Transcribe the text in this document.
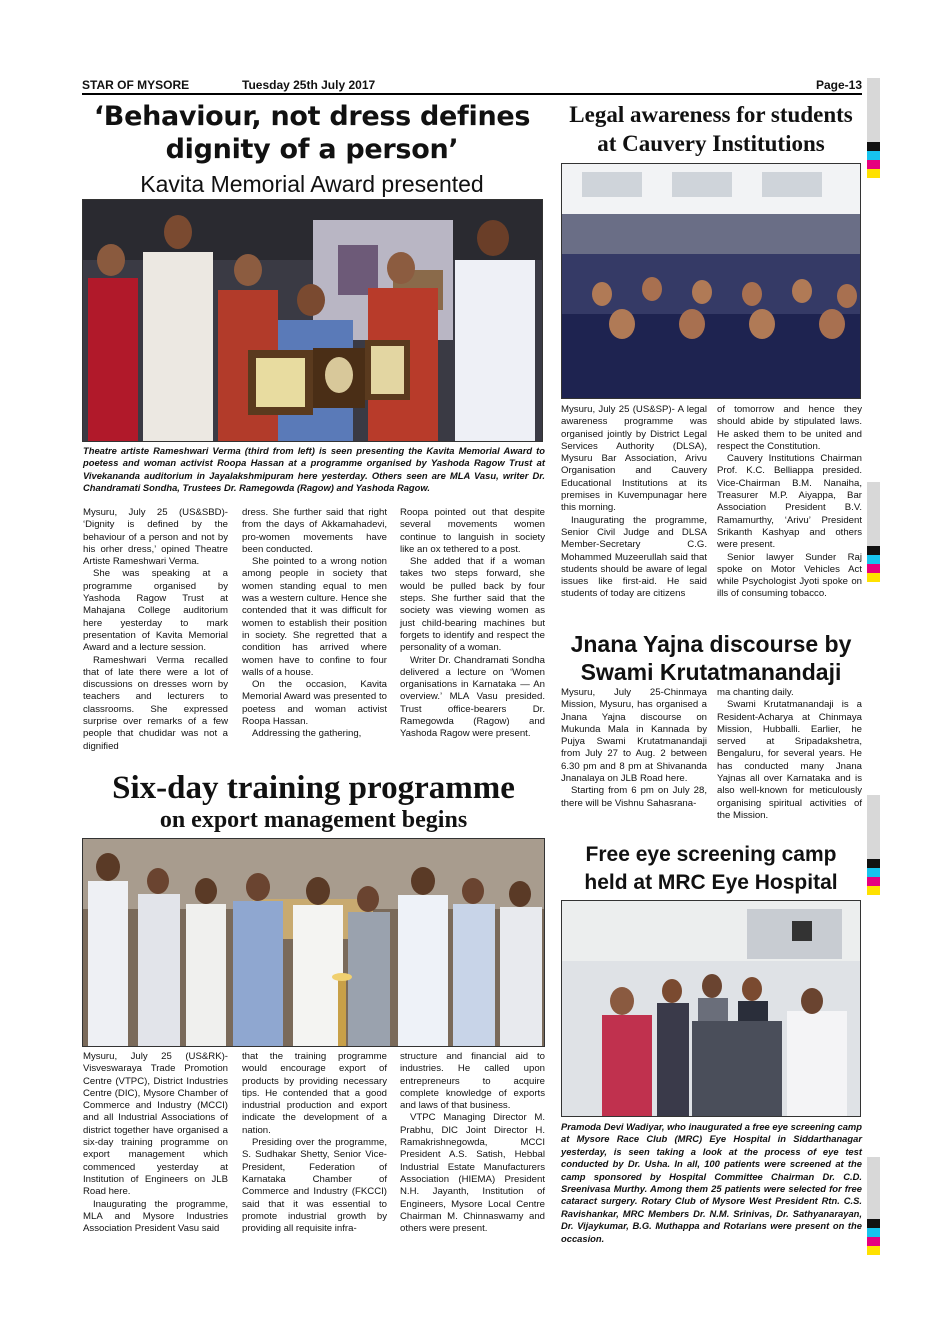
STAR OF MYSORE	Tuesday 25th July 2017	Page-13
‘Behaviour, not dress defines
dignity of a person’
Kavita Memorial Award presented
Theatre artiste Rameshwari Verma (third from left) is seen presenting the Kavita Memorial Award to poetess and woman activist Roopa Hassan at a programme organised by Yashoda Ragow Trust at Vivekananda auditorium in Jayalakshmipuram here yesterday. Others seen are MLA Vasu, writer Dr. Chandramati Sondha, Trustees Dr. Ramegowda (Ragow) and Yashoda Ragow.

Mysuru, July 25 (US&SBD)- ‘Dignity is defined by the behaviour of a person and not by his orher dress,’ opined Theatre Artiste Rameshwari Verma.

She was speaking at a programme organised by Yashoda Ragow Trust at Mahajana College auditorium here yesterday to mark presentation of Kavita Memorial Award and a lecture session.

Rameshwari Verma recalled that of late there were a lot of discussions on dresses worn by teachers and lecturers to classrooms. She expressed surprise over remarks of a few people that chudidar was not a dignified

dress. She further said that right from the days of Akkamahadevi, pro-women movements have been conducted.

She pointed to a wrong notion among people in society that women standing equal to men was a western culture. Hence she contended that it was difficult for women to establish their position in society. She regretted that a condition has arrived where women have to confine to four walls of a house.

On the occasion, Kavita Memorial Award was presented to poetess and woman activist Roopa Hassan.

Addressing the gathering,

Roopa pointed out that despite several movements women continue to languish in society like an ox tethered to a post.

She added that if a woman takes two steps forward, she would be pulled back by four steps. She further said that the society was viewing women as just child-bearing machines but forgets to identify and respect the personality of a woman.

Writer Dr. Chandramati Sondha delivered a lecture on ‘Women organisations in Karnataka — An overview.’ MLA Vasu presided. Trust office-bearers Dr. Ramegowda (Ragow) and Yashoda Ragow were present.

Legal awareness for students
at Cauvery Institutions

Mysuru, July 25 (US&SP)- A legal awareness programme was organised jointly by District Legal Services Authority (DLSA), Mysuru Bar Association, Arivu Organisation and Cauvery Educational Institutions at its premises in Kuvempunagar here this morning.

Inaugurating the programme, Senior Civil Judge and DLSA Member-Secretary C.G. Mohammed Muzeerullah said that students should be aware of legal issues like first-aid. He said students of today are citizens

of tomorrow and hence they should abide by stipulated laws. He asked them to be united and respect the Constitution.

Cauvery Institutions Chairman Prof. K.C. Belliappa presided. Vice-Chairman B.M. Nanaiha, Treasurer M.P. Aiyappa, Bar Association President B.V. Ramamurthy, ‘Arivu’ President Srikanth Kashyap and others were present.

Senior lawyer Sunder Raj spoke on Motor Vehicles Act while Psychologist Jyoti spoke on ills of consuming tobacco.

Jnana Yajna discourse by
Swami Krutatmanandaji

Mysuru, July 25-Chinmaya Mission, Mysuru, has organised a Jnana Yajna discourse on Mukunda Mala in Kannada by Pujya Swami Krutatmanandaji from July 27 to Aug. 2 between 6.30 pm and 8 pm at Shivananda Jnanalaya on JLB Road here.

Starting from 6 pm on July 28, there will be Vishnu Sahasrana-

ma chanting daily.

Swami Krutatmanandaji is a Resident-Acharya at Chinmaya Mission, Hubballi. Earlier, he served at Sripadakshetra, Bengaluru, for several years. He has conducted many Jnana Yajnas all over Karnataka and is also well-known for meticulously organising spiritual activities of the Mission.

Six-day training programme
on export management begins

Mysuru, July 25 (US&RK)- Visveswaraya Trade Promotion Centre (VTPC), District Industries Centre (DIC), Mysore Chamber of Commerce and Industry (MCCI) and all Industrial Associations of district together have organised a six-day training programme on export management which commenced yesterday at Institution of Engineers on JLB Road here.

Inaugurating the programme, MLA and Mysore Industries Association President Vasu said

that the training programme would encourage export of products by providing necessary tips. He contended that a good industrial production and export indicate the development of a nation.

Presiding over the programme, S. Sudhakar Shetty, Senior Vice-President, Federation of Karnataka Chamber of Commerce and Industry (FKCCI) said that it was essential to promote industrial growth by providing all requisite infra-

structure and financial aid to industries. He called upon entrepreneurs to acquire complete knowledge of exports and laws of that business.

VTPC Managing Director M. Prabhu, DIC Joint Director H. Ramakrishnegowda, MCCI President A.S. Satish, Hebbal Industrial Estate Manufacturers Association (HIEMA) President N.H. Jayanth, Institution of Engineers, Mysore Local Centre Chairman M. Chinnaswamy and others were present.

Free eye screening camp
held at MRC Eye Hospital
Pramoda Devi Wadiyar, who inaugurated a free eye screening camp at Mysore Race Club (MRC) Eye Hospital in Siddarthanagar yesterday, is seen taking a look at the process of eye test conducted by Dr. Usha. In all, 100 patients were screened at the camp sponsored by Hospital Committee Chairman Dr. C.D. Sreenivasa Murthy. Among them 25 patients were selected for free cataract surgery. Rotary Club of Mysore West President Rtn. C.S. Ravishankar, MRC Members Dr. N.M. Srinivas, Dr. Sathyanarayan, Dr. Vijaykumar, B.G. Muthappa and Rotarians were present on the occasion.
